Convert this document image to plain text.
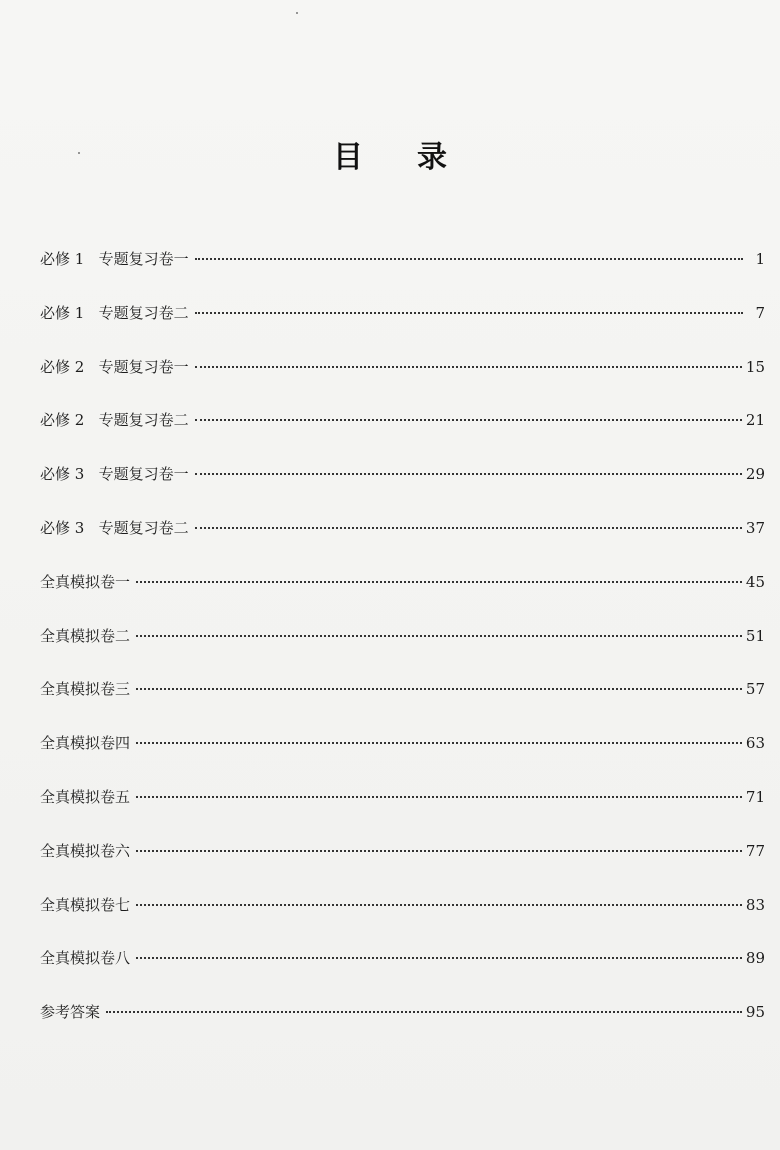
目录
必修 1   专题复习卷一	1
必修 1   专题复习卷二	7
必修 2   专题复习卷一	15
必修 2   专题复习卷二	21
必修 3   专题复习卷一	29
必修 3   专题复习卷二	37
全真模拟卷一	45
全真模拟卷二	51
全真模拟卷三	57
全真模拟卷四	63
全真模拟卷五	71
全真模拟卷六	77
全真模拟卷七	83
全真模拟卷八	89
参考答案	95
